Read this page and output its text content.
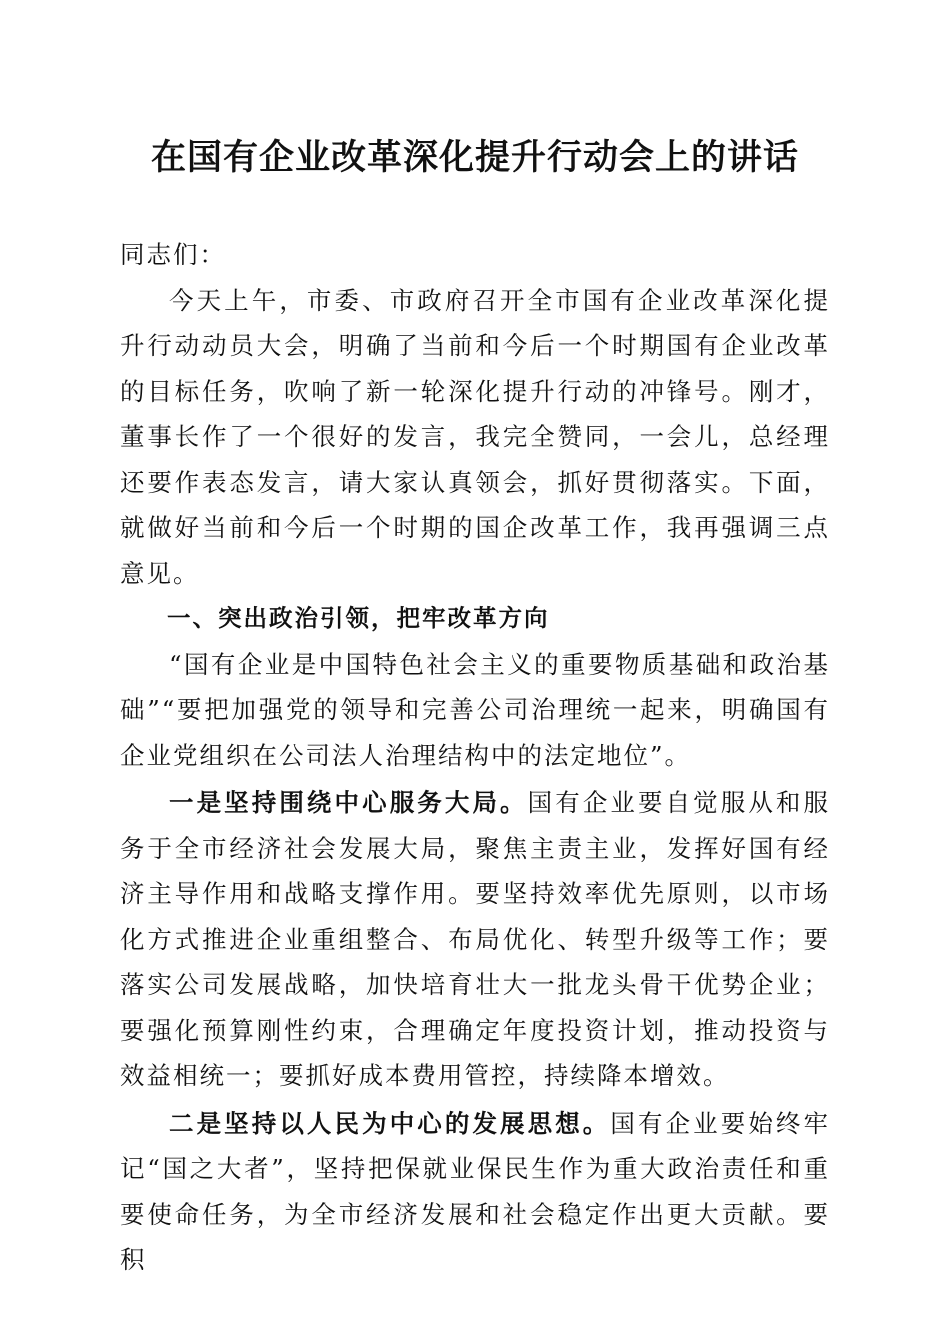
在国有企业改革深化提升行动会上的讲话

同志们：

今天上午，市委、市政府召开全市国有企业改革深化提升行动动员大会，明确了当前和今后一个时期国有企业改革的目标任务，吹响了新一轮深化提升行动的冲锋号。刚才，董事长作了一个很好的发言，我完全赞同，一会儿，总经理还要作表态发言，请大家认真领会，抓好贯彻落实。下面，就做好当前和今后一个时期的国企改革工作，我再强调三点意见。

一、突出政治引领，把牢改革方向

“国有企业是中国特色社会主义的重要物质基础和政治基础”“要把加强党的领导和完善公司治理统一起来，明确国有企业党组织在公司法人治理结构中的法定地位”。

一是坚持围绕中心服务大局。国有企业要自觉服从和服务于全市经济社会发展大局，聚焦主责主业，发挥好国有经济主导作用和战略支撑作用。要坚持效率优先原则，以市场化方式推进企业重组整合、布局优化、转型升级等工作；要落实公司发展战略，加快培育壮大一批龙头骨干优势企业；要强化预算刚性约束，合理确定年度投资计划，推动投资与效益相统一；要抓好成本费用管控，持续降本增效。

二是坚持以人民为中心的发展思想。国有企业要始终牢记“国之大者”，坚持把保就业保民生作为重大政治责任和重要使命任务，为全市经济发展和社会稳定作出更大贡献。要积
